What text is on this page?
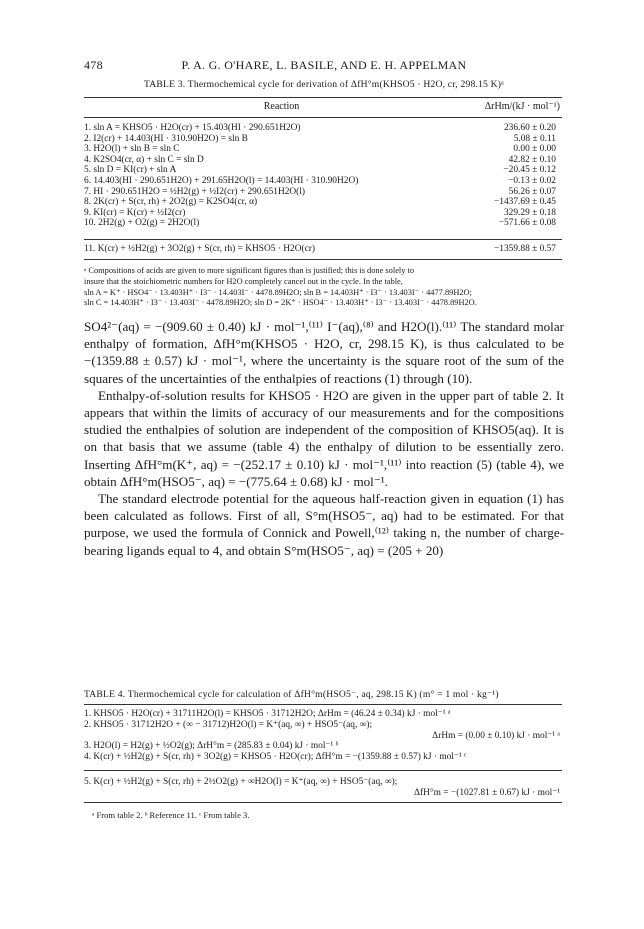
478	P. A. G. O'HARE, L. BASILE, AND E. H. APPELMAN
TABLE 3. Thermochemical cycle for derivation of ΔfH°m(KHSO5 · H2O, cr, 298.15 K)ᵃ
Reaction	ΔrHm/(kJ · mol⁻¹)
1. sln A = KHSO5 · H2O(cr) + 15.403(HI · 290.651H2O)	236.60 ± 0.20
2. I2(cr) + 14.403(HI · 310.90H2O) = sln B	5.08 ± 0.11
3. H2O(l) + sln B = sln C	0.00 ± 0.00
4. K2SO4(cr, α) + sln C = sln D	42.82 ± 0.10
5. sln D = KI(cr) + sln A	−20.45 ± 0.12
6. 14.403(HI · 290.651H2O) + 291.65H2O(l) = 14.403(HI · 310.90H2O)	−0.13 ± 0.02
7. HI · 290.651H2O = ½H2(g) + ½I2(cr) + 290.651H2O(l)	56.26 ± 0.07
8. 2K(cr) + S(cr, rh) + 2O2(g) = K2SO4(cr, α)	−1437.69 ± 0.45
9. KI(cr) = K(cr) + ½I2(cr)	329.29 ± 0.18
10. 2H2(g) + O2(g) = 2H2O(l)	−571.66 ± 0.08
11. K(cr) + ½H2(g) + 3O2(g) + S(cr, rh) = KHSO5 · H2O(cr)	−1359.88 ± 0.57
ᵃ Compositions of acids are given to more significant figures than is justified; this is done solely to
insure that the stoichiometric numbers for H2O completely cancel out in the cycle. In the table,
sln A = K⁺ · HSO4⁻ · 13.403H⁺ · I3⁻ · 14.403I⁻ · 4478.89H2O; sln B = 14.403H⁺ · I3⁻ · 13.403I⁻ · 4477.89H2O;
sln C = 14.403H⁺ · I3⁻ · 13.403I⁻ · 4478.89H2O; sln D = 2K⁺ · HSO4⁻ · 13.403H⁺ · I3⁻ · 13.403I⁻ · 4478.89H2O.

SO4²⁻(aq) = −(909.60 ± 0.40) kJ · mol⁻¹,⁽¹¹⁾ I⁻(aq),⁽⁸⁾ and H2O(l).⁽¹¹⁾ The standard molar enthalpy of formation, ΔfH°m(KHSO5 · H2O, cr, 298.15 K), is thus calculated to be −(1359.88 ± 0.57) kJ · mol⁻¹, where the uncertainty is the square root of the sum of the squares of the uncertainties of the enthalpies of reactions (1) through (10).

Enthalpy-of-solution results for KHSO5 · H2O are given in the upper part of table 2. It appears that within the limits of accuracy of our measurements and for the compositions studied the enthalpies of solution are independent of the composition of KHSO5(aq). It is on that basis that we assume (table 4) the enthalpy of dilution to be essentially zero. Inserting ΔfH°m(K⁺, aq) = −(252.17 ± 0.10) kJ · mol⁻¹,⁽¹¹⁾ into reaction (5) (table 4), we obtain ΔfH°m(HSO5⁻, aq) = −(775.64 ± 0.68) kJ · mol⁻¹.

The standard electrode potential for the aqueous half-reaction given in equation (1) has been calculated as follows. First of all, S°m(HSO5⁻, aq) had to be estimated. For that purpose, we used the formula of Connick and Powell,⁽¹²⁾ taking n, the number of charge-bearing ligands equal to 4, and obtain S°m(HSO5⁻, aq) = (205 + 20)

TABLE 4. Thermochemical cycle for calculation of ΔfH°m(HSO5⁻, aq, 298.15 K) (m° = 1 mol · kg⁻¹)
1. KHSO5 · H2O(cr) + 31711H2O(l) = KHSO5 · 31712H2O; ΔrHm = (46.24 ± 0.34) kJ · mol⁻¹ ᵃ
2. KHSO5 · 31712H2O + (∞ − 31712)H2O(l) = K⁺(aq, ∞) + HSO5⁻(aq, ∞);
ΔrHm = (0.00 ± 0.10) kJ · mol⁻¹ ᵃ
3. H2O(l) = H2(g) + ½O2(g); ΔrH°m = (285.83 ± 0.04) kJ · mol⁻¹ ᵇ
4. K(cr) + ½H2(g) + S(cr, rh) + 3O2(g) = KHSO5 · H2O(cr); ΔfH°m = −(1359.88 ± 0.57) kJ · mol⁻¹ ᶜ
5. K(cr) + ½H2(g) + S(cr, rh) + 2½O2(g) + ∞H2O(l) = K⁺(aq, ∞) + HSO5⁻(aq, ∞);
ΔfH°m = −(1027.81 ± 0.67) kJ · mol⁻¹
ᵃ From table 2. ᵇ Reference 11. ᶜ From table 3.
